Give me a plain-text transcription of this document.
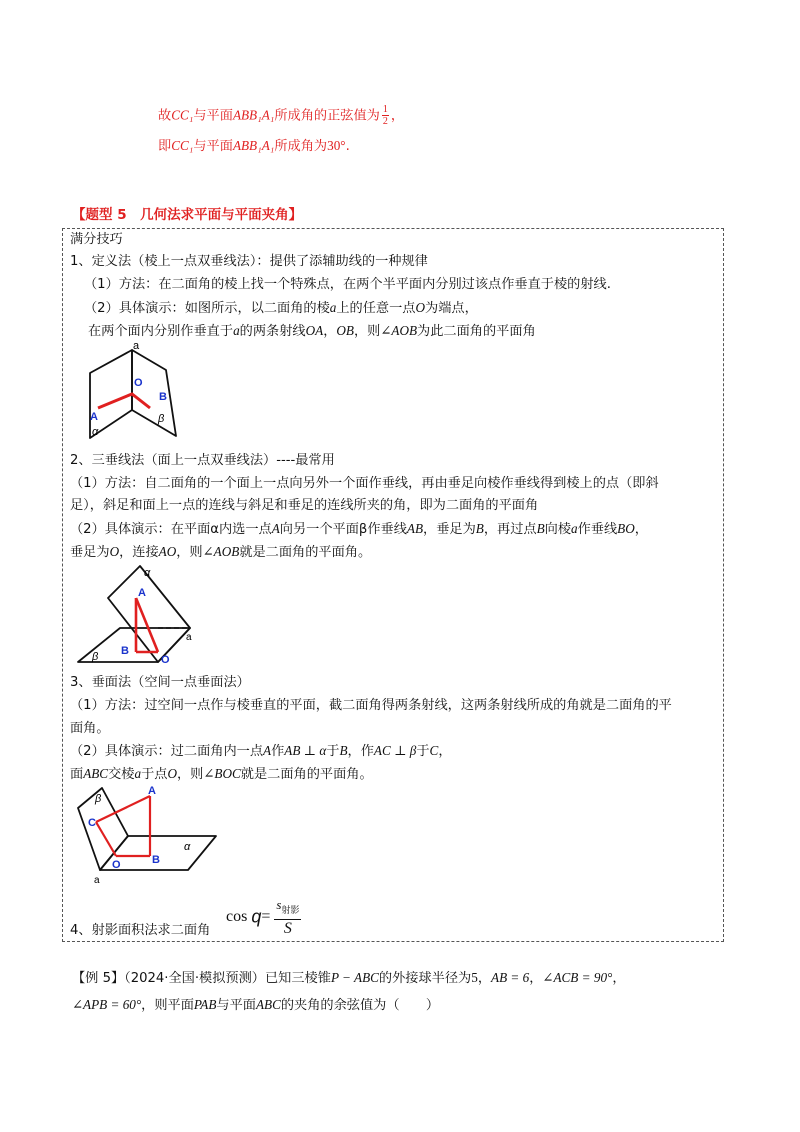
故CC₁与平面ABB₁A₁所成角的正弦值为 $\frac{1}{2}$ ，
即CC₁与平面ABB₁A₁所成角为30°.
【题型 5　几何法求平面与平面夹角】
满分技巧
1、定义法（棱上一点双垂线法）：提供了添辅助线的一种规律
（1）方法：在二面角的棱上找一个特殊点，在两个半平面内分别过该点作垂直于棱的射线.
（2）具体演示：如图所示，以二面角的棱a上的任意一点O为端点，
在两个面内分别作垂直于a的两条射线OA，OB，则∠AOB为此二面角的平面角
a
O
A
B
α
β
2、三垂线法（面上一点双垂线法）----最常用
（1）方法：自二面角的一个面上一点向另外一个面作垂线，再由垂足向棱作垂线得到棱上的点（即斜
足），斜足和面上一点的连线与斜足和垂足的连线所夹的角，即为二面角的平面角
（2）具体演示：在平面α内选一点A向另一个平面β作垂线AB，垂足为B，再过点B向棱a作垂线BO，
垂足为O，连接AO，则∠AOB就是二面角的平面角。
α
A
a
β B
O
3、垂面法（空间一点垂面法）
（1）方法：过空间一点作与棱垂直的平面，截二面角得两条射线，这两条射线所成的角就是二面角的平
面角。
（2）具体演示：过二面角内一点A作AB ⊥ α于B，作AC ⊥ β于C，
面ABC交棱a于点O，则∠BOC就是二面角的平面角。
β
A
C
α
O	B
a
4、射影面积法求二面角
cos q=
$s_{射影}$
S
【例 5】（2024·全国·模拟预测）已知三棱锥P − ABC的外接球半径为5，AB = 6，∠ACB = 90°，
∠APB = 60°，则平面PAB与平面ABC的夹角的余弦值为（　　）
